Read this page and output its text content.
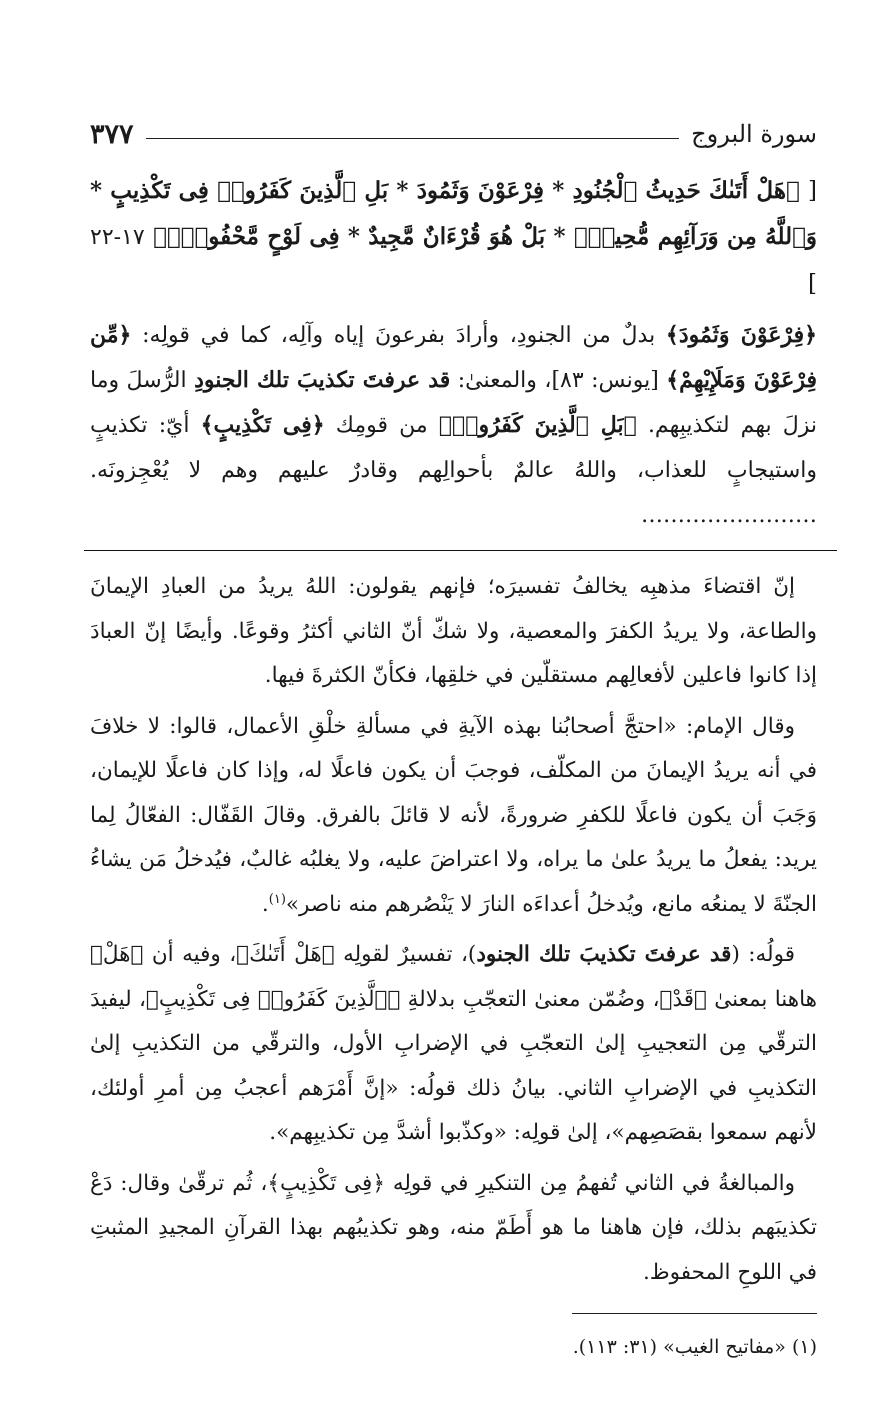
سورة البروج
٣٧٧
[ ﴿هَلْ أَتَىٰكَ حَدِيثُ ٱلْجُنُودِ * فِرْعَوْنَ وَثَمُودَ * بَلِ ٱلَّذِينَ كَفَرُوا۟ فِى تَكْذِيبٍ * وَٱللَّهُ مِن وَرَآئِهِم مُّحِيطٌۢ * بَلْ هُوَ قُرْءَانٌ مَّجِيدٌ * فِى لَوْحٍ مَّحْفُوظٍۭ﴾ ١٧-٢٢ ]
﴿فِرْعَوْنَ وَثَمُودَ﴾ بدلٌ من الجنودِ، وأرادَ بفرعونَ إياه وآلِه، كما في قولِه: ﴿مِّن فِرْعَوْنَ وَمَلَإِيْهِمْ﴾ [يونس: ٨٣]، والمعنىٰ: قد عرفتَ تكذيبَ تلك الجنودِ الرُّسلَ وما نزلَ بهم لتكذيبِهم. ﴿بَلِ ٱلَّذِينَ كَفَرُوا۟﴾ من قومِك ﴿فِى تَكْذِيبٍ﴾ أيّ: تكذيبٍ واستيجابٍ للعذاب، واللهُ عالمٌ بأحوالِهم وقادرٌ عليهم وهم لا يُعْجِزونَه. ……………………

إنّ اقتضاءَ مذهبِه يخالفُ تفسيرَه؛ فإنهم يقولون: اللهُ يريدُ من العبادِ الإيمانَ والطاعة، ولا يريدُ الكفرَ والمعصية، ولا شكّ أنّ الثاني أكثرُ وقوعًا. وأيضًا إنّ العبادَ إذا كانوا فاعلين لأفعالِهم مستقلّين في خلقِها، فكأنّ الكثرةَ فيها.

وقال الإمام: «احتجَّ أصحابُنا بهذه الآيةِ في مسألةِ خلْقِ الأعمال، قالوا: لا خلافَ في أنه يريدُ الإيمانَ من المكلّف، فوجبَ أن يكون فاعلًا له، وإذا كان فاعلًا للإيمان، وَجَبَ أن يكون فاعلًا للكفرِ ضرورةً، لأنه لا قائلَ بالفرق. وقالَ القَفّال: الفعّالُ لِما يريد: يفعلُ ما يريدُ علىٰ ما يراه، ولا اعتراضَ عليه، ولا يغلبُه غالبٌ، فيُدخلُ مَن يشاءُ الجنّةَ لا يمنعُه مانع، ويُدخلُ أعداءَه النارَ لا يَنْصُرهم منه ناصر»$^{(١)}$.

قولُه: (قد عرفتَ تكذيبَ تلك الجنود)، تفسيرٌ لقولِه ﴿هَلْ أَتَىٰكَ﴾، وفيه أن ﴿هَلْ﴾ هاهنا بمعنىٰ ﴿قَدْ﴾، وضُمّن معنىٰ التعجّبِ بدلالةِ ﴿ٱلَّذِينَ كَفَرُوا۟ فِى تَكْذِيبٍ﴾، ليفيدَ الترقّي مِن التعجيبِ إلىٰ التعجّبِ في الإضرابِ الأول، والترقّي من التكذيبِ إلىٰ التكذيبِ في الإضرابِ الثاني. بيانُ ذلك قولُه: «إنَّ أَمْرَهم أعجبُ مِن أمرِ أولئك، لأنهم سمعوا بقصَصِهم»، إلىٰ قولِه: «وكذّبوا أشدَّ مِن تكذيبِهم».

والمبالغةُ في الثاني تُفهمُ مِن التنكيرِ في قولِه ﴿فِى تَكْذِيبٍ﴾، ثُم ترقّىٰ وقال: دَعْ تكذيبَهم بذلك، فإن هاهنا ما هو أَطَمّ منه، وهو تكذيبُهم بهذا القرآنِ المجيدِ المثبتِ في اللوحِ المحفوظ.

(١) «مفاتيح الغيب» (٣١: ١١٣).
